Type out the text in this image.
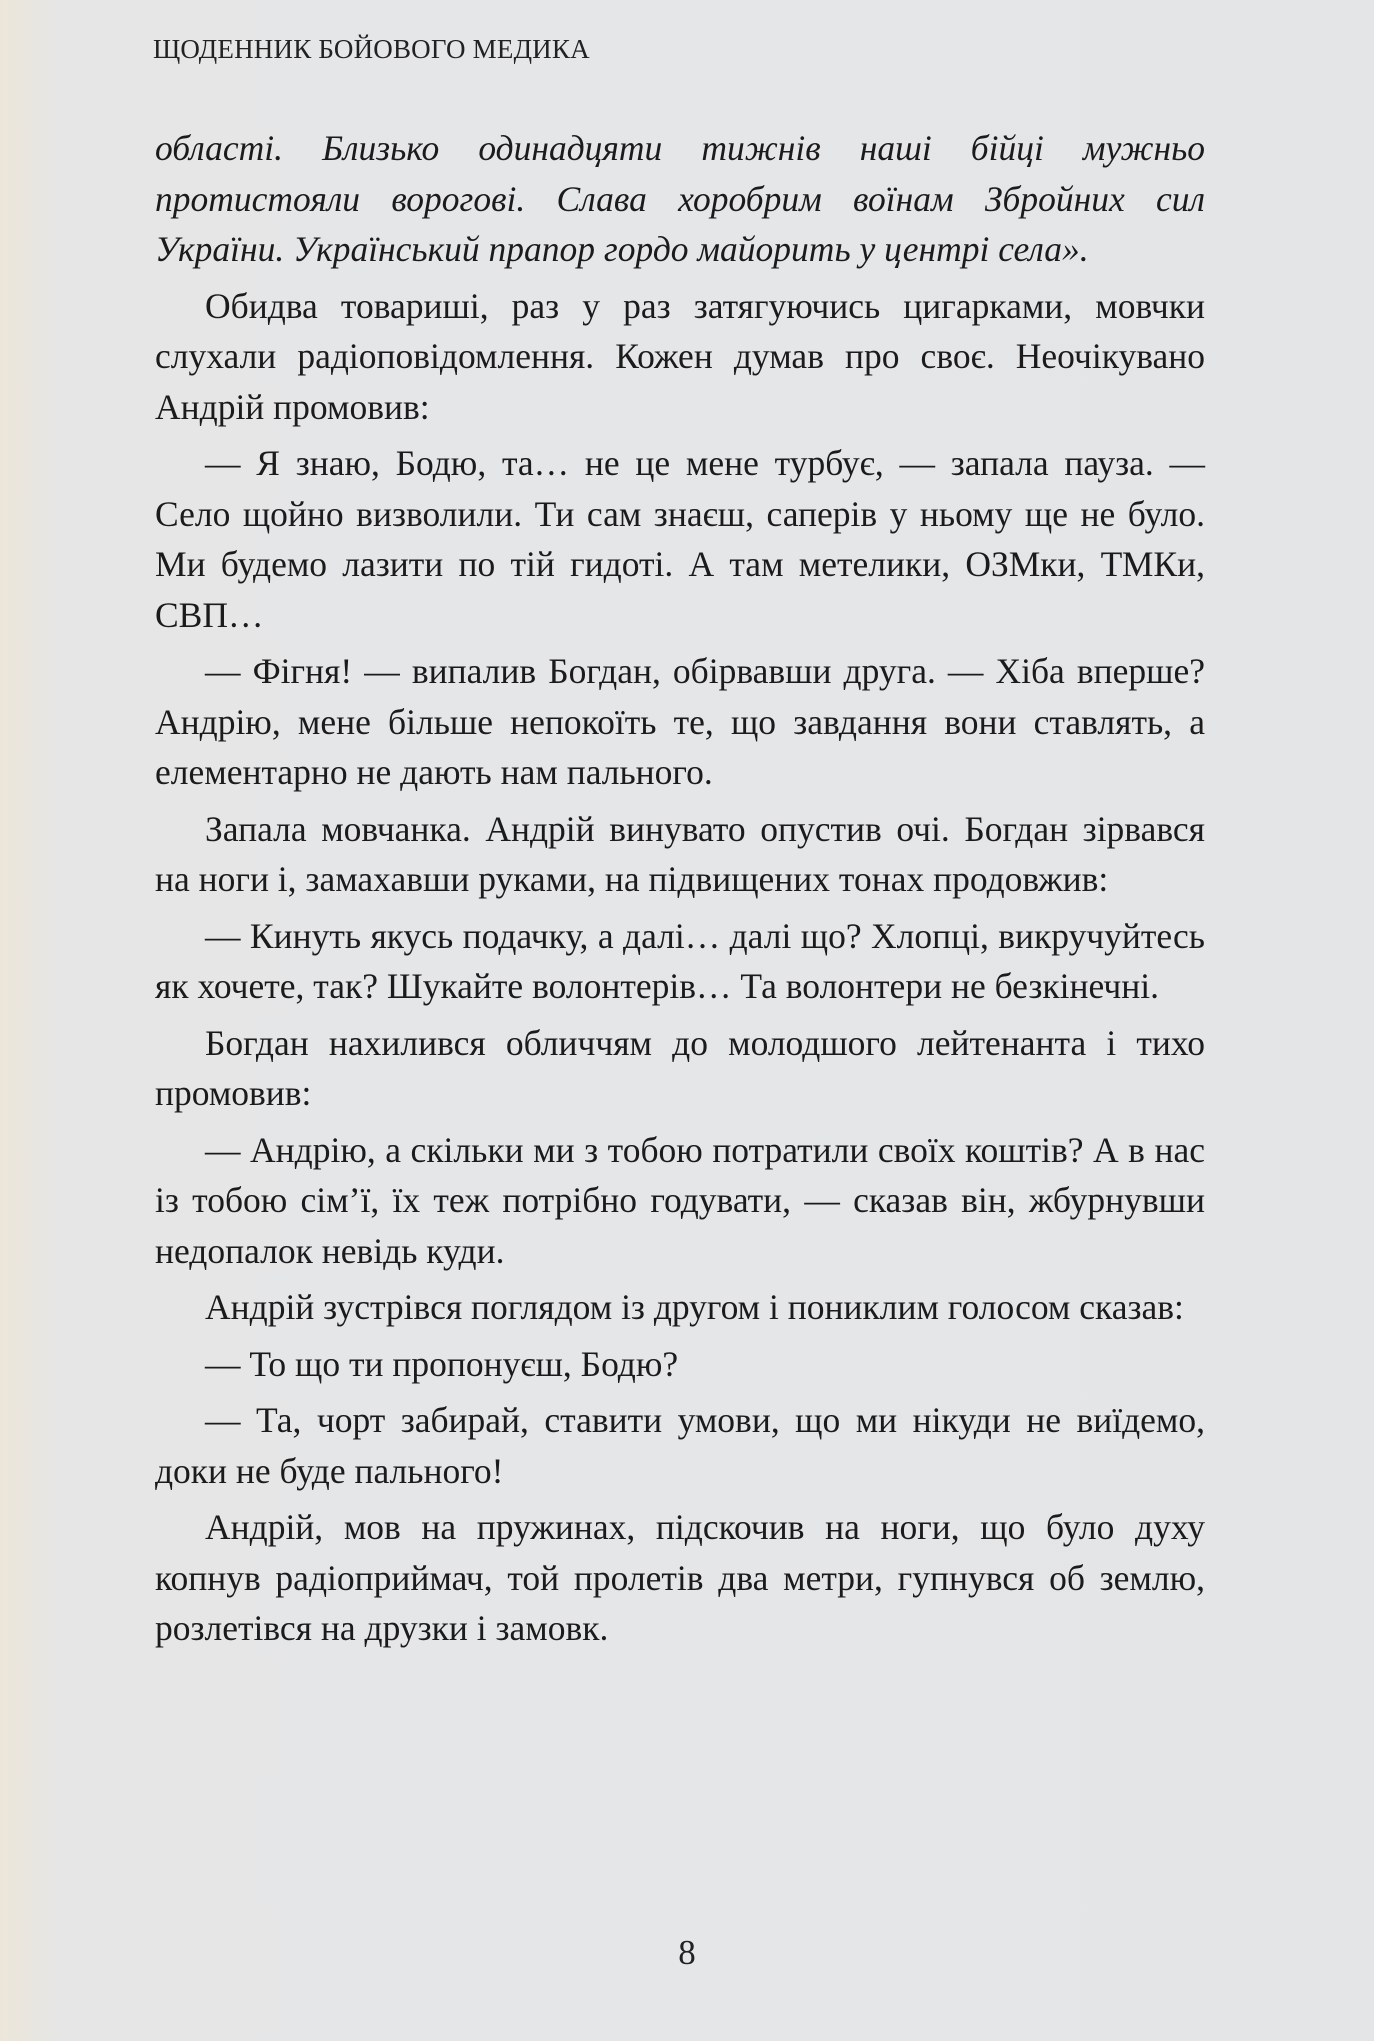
ЩОДЕННИК БОЙОВОГО МЕДИКА

області. Близько одинадцяти тижнів наші бійці мужньо протистояли ворогові. Слава хоробрим воїнам Збройних сил України. Український прапор гордо майорить у центрі села».

Обидва товариші, раз у раз затягуючись цигарками, мовчки слухали радіоповідомлення. Кожен думав про своє. Неочікувано Андрій промовив:

— Я знаю, Бодю, та… не це мене турбує, — запала пауза. — Село щойно визволили. Ти сам знаєш, саперів у ньому ще не було. Ми будемо лазити по тій гидоті. А там метелики, ОЗМки, ТМКи, СВП…

— Фігня! — випалив Богдан, обірвавши друга. — Хіба вперше? Андрію, мене більше непокоїть те, що завдання вони ставлять, а елементарно не дають нам пального.

Запала мовчанка. Андрій винувато опустив очі. Богдан зірвався на ноги і, замахавши руками, на підвищених тонах продовжив:

— Кинуть якусь подачку, а далі… далі що? Хлопці, викручуйтесь як хочете, так? Шукайте волонтерів… Та волонтери не безкінечні.

Богдан нахилився обличчям до молодшого лейтенанта і тихо промовив:

— Андрію, а скільки ми з тобою потратили своїх коштів? А в нас із тобою сім’ї, їх теж потрібно годувати, — сказав він, жбурнувши недопалок невідь куди.

Андрій зустрівся поглядом із другом і пониклим голосом сказав:

— То що ти пропонуєш, Бодю?

— Та, чорт забирай, ставити умови, що ми нікуди не виїдемо, доки не буде пального!

Андрій, мов на пружинах, підскочив на ноги, що було духу копнув радіоприймач, той пролетів два метри, гупнувся об землю, розлетівся на друзки і замовк.

8
